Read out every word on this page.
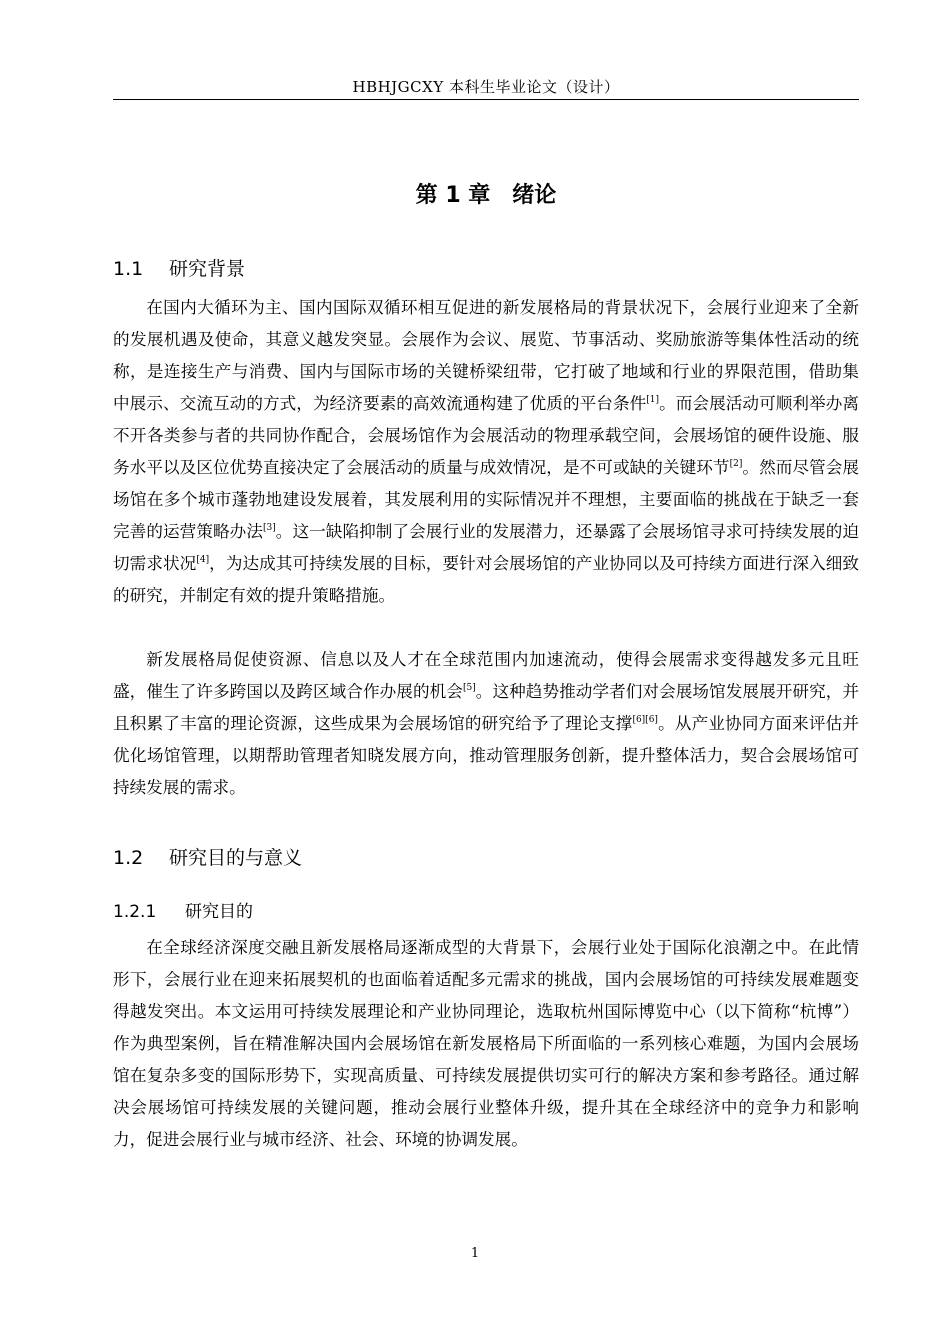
HBHJGCXY 本科生毕业论文（设计）
第 1 章　绪论
1.1 研究背景

在国内大循环为主、国内国际双循环相互促进的新发展格局的背景状况下，会展行业迎来了全新的发展机遇及使命，其意义越发突显。会展作为会议、展览、节事活动、奖励旅游等集体性活动的统称，是连接生产与消费、国内与国际市场的关键桥梁纽带，它打破了地域和行业的界限范围，借助集中展示、交流互动的方式，为经济要素的高效流通构建了优质的平台条件[1]。而会展活动可顺利举办离不开各类参与者的共同协作配合，会展场馆作为会展活动的物理承载空间，会展场馆的硬件设施、服务水平以及区位优势直接决定了会展活动的质量与成效情况，是不可或缺的关键环节[2]。然而尽管会展场馆在多个城市蓬勃地建设发展着，其发展利用的实际情况并不理想，主要面临的挑战在于缺乏一套完善的运营策略办法[3]。这一缺陷抑制了会展行业的发展潜力，还暴露了会展场馆寻求可持续发展的迫切需求状况[4]，为达成其可持续发展的目标，要针对会展场馆的产业协同以及可持续方面进行深入细致的研究，并制定有效的提升策略措施。

新发展格局促使资源、信息以及人才在全球范围内加速流动，使得会展需求变得越发多元且旺盛，催生了许多跨国以及跨区域合作办展的机会[5]。这种趋势推动学者们对会展场馆发展展开研究，并且积累了丰富的理论资源，这些成果为会展场馆的研究给予了理论支撑[6][6]。从产业协同方面来评估并优化场馆管理，以期帮助管理者知晓发展方向，推动管理服务创新，提升整体活力，契合会展场馆可持续发展的需求。

1.2 研究目的与意义
1.2.1 研究目的

在全球经济深度交融且新发展格局逐渐成型的大背景下，会展行业处于国际化浪潮之中。在此情形下，会展行业在迎来拓展契机的也面临着适配多元需求的挑战，国内会展场馆的可持续发展难题变得越发突出。本文运用可持续发展理论和产业协同理论，选取杭州国际博览中心（以下简称“杭博”）作为典型案例，旨在精准解决国内会展场馆在新发展格局下所面临的一系列核心难题，为国内会展场馆在复杂多变的国际形势下，实现高质量、可持续发展提供切实可行的解决方案和参考路径。通过解决会展场馆可持续发展的关键问题，推动会展行业整体升级，提升其在全球经济中的竞争力和影响力，促进会展行业与城市经济、社会、环境的协调发展。

1
